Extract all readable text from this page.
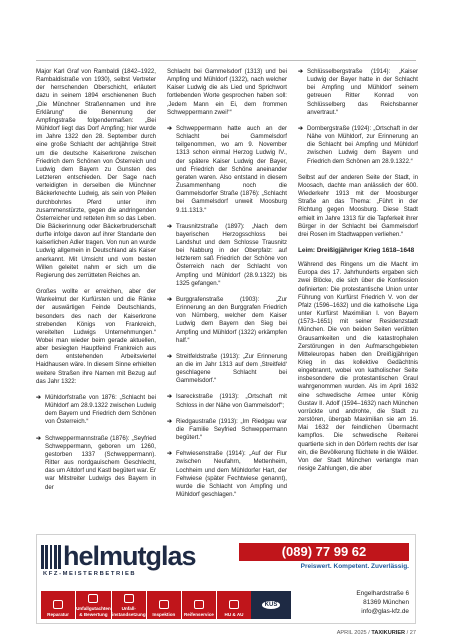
Major Karl Graf von Rambaldi (1842–1922, Rambaldistraße von 1930), selbst Vertreter der herrschenden Oberschicht, erläutert dazu in seinem 1894 erschienenen Buch „Die Münchner Straßennamen und ihre Erklärung“ die Benennung der Ampfingstraße folgendermaßen: „Bei Mühldorf liegt das Dorf Ampfing; hier wurde im Jahre 1322 den 28. September durch eine große Schlacht der achtjährige Streit um die deutsche Kaiserkrone zwischen Friedrich dem Schönen von Österreich und Ludwig dem Bayern zu Gunsten des Letzteren entschieden. Der Sage nach verteidigten in derselben die Münchner Bäckerknechte Ludwig, als sein von Pfeilen durchbohrtes Pferd unter ihm zusammenstürzte, gegen die andringenden Österreicher und retteten ihm so das Leben. Die Bäckerinnung oder Bäckerbruderschaft durfte infolge davon auf ihrer Standarte den kaiserlichen Adler tragen. Von nun an wurde Ludwig allgemein in Deutschland als Kaiser anerkannt. Mit Umsicht und vom besten Willen geleitet nahm er sich um die Regierung des zerrütteten Reiches an.

Großes wollte er erreichen, aber der Wankelmut der Kurfürsten und die Ränke der auswärtigen Feinde Deutschlands, besonders des nach der Kaiserkrone strebenden Königs von Frankreich, vereitelten Ludwigs Unternehmungen.“ Wobei man wieder beim gerade aktuellen, aber besiegten Hauptfeind Frankreich aus dem entstehenden Arbeitsviertel Haidhausen wäre. In diesem Sinne erhielten weitere Straßen ihre Namen mit Bezug auf das Jahr 1322:

➔ Mühldorfstraße von 1876: „Schlacht bei Mühldorf am 28.9.1322 zwischen Ludwig dem Bayern und Friedrich dem Schönen von Österreich.“
➔ Schweppermannstraße (1876): „Seyfried Schweppermann, geboren um 1260, gestorben 1337 (Schweppermann). Ritter aus nordgauischem Geschlecht, das um Altdorf und Kastl begütert war. Er war Mitstreiter Ludwigs des Bayern in der

Schlacht bei Gammelsdorf (1313) und bei Ampfing und Mühldorf (1322), nach welcher Kaiser Ludwig die als Lied und Sprichwort fortlebenden Worte gesprochen haben soll: ‚Jedem Mann ein Ei, dem frommen Schweppermann zwei!‘“

➔ Schweppermann hatte auch an der Schlacht bei Gammelsdorf teilgenommen, wo am 9. November 1313 schon einmal Herzog Ludwig IV., der spätere Kaiser Ludwig der Bayer, und Friedrich der Schöne aneinander geraten waren. Also entstand in diesem Zusammenhang noch die Gammelsdorfer Straße (1876): „Schlacht bei Gammelsdorf unweit Moosburg 9.11.1313.“
➔ Trausnitzstraße (1897): „Nach dem bayerischen Herzogsschloss bei Landshut und dem Schlosse Trausnitz bei Nabburg in der Oberpfalz: auf letzterem saß Friedrich der Schöne von Österreich nach der Schlacht von Ampfing und Mühldorf (28.9.1322) bis 1325 gefangen.“
➔ Burggrafenstraße (1903): „Zur Erinnerung an den Burggrafen Friedrich von Nürnberg, welcher dem Kaiser Ludwig dem Bayern den Sieg bei Ampfing und Mühldorf (1322) erkämpfen half.“
➔ Streitfeldstraße (1913): „Zur Erinnerung an die im Jahr 1313 auf dem ‚Streitfeld‘ geschlagene Schlacht bei Gammelsdorf.“
➔ Isareckstraße (1913): „Ortschaft mit Schloss in der Nähe von Gammelsdorf“;
➔ Riedgaustraße (1913): „Im Riedgau war die Familie Seyfried Schweppermann begütert.“
➔ Fehwiesenstraße (1914): „Auf der Flur zwischen Neufahrn, Mettenheim, Lochheim und dem Mühldorfer Hart, der Fehwiese (später Fechtwiese genannt), wurde die Schlacht von Ampfing und Mühldorf geschlagen.“
➔ Schlüsselbergstraße (1914): „Kaiser Ludwig der Bayer hatte in der Schlacht bei Ampfing und Mühldorf seinem getreuen Ritter Konrad von Schlüsselberg das Reichsbanner anvertraut.“
➔ Dornbergstraße (1924): „Ortschaft in der Nähe von Mühldorf, zur Erinnerung an die Schlacht bei Ampfing und Mühldorf zwischen Ludwig dem Bayern und Friedrich dem Schönen am 28.9.1322.“

Selbst auf der anderen Seite der Stadt, in Moosach, dachte man anlässlich der 600. Wiederkehr 1913 mit der Moosburger Straße an das Thema: „Führt in der Richtung gegen Moosburg. Diese Stadt erhielt im Jahre 1313 für die Tapferkeit ihrer Bürger in der Schlacht bei Gammelsdorf drei Rosen im Stadtwappen verliehen.“

Leim: Dreißigjähriger Krieg 1618–1648

Während des Ringens um die Macht im Europa des 17. Jahrhunderts ergaben sich zwei Blöcke, die sich über die Konfession definierten: Die protestantische Union unter Führung von Kurfürst Friedrich V. von der Pfalz (1596–1632) und die katholische Liga unter Kurfürst Maximilian I. von Bayern (1573–1651) mit seiner Residenzstadt München. Die von beiden Seiten verübten Grausamkeiten und die katastrophalen Zerstörungen in den Aufmarschgebieten Mitteleuropas haben den Dreißigjährigen Krieg in das kollektive Gedächtnis eingebrannt, wobei von katholischer Seite insbesondere die protestantischen Graul wahrgenommen wurden. Als im April 1632 eine schwedische Armee unter König Gustav II. Adolf (1594–1632) nach München vorrückte und androhte, die Stadt zu zerstören, übergab Maximilian sie am 16. Mai 1632 der feindlichen Übermacht kampflos. Die schwedische Reiterei quartierte sich in den Dörfern rechts der Isar ein, die Bevölkerung flüchtete in die Wälder. Von der Stadt München verlangte man riesige Zahlungen, die aber

helmutglas
KFZ-MEISTERBETRIEB
(089) 77 99 62
Preiswert. Kompetent. Zuverlässig.
Reparatur
Unfallgutachten & Bewertung
Unfall-instandsetzung Inspektion Reifenservice HU & AU
KÜS
Engelhardstraße 6
81369 München
info@glas-kfz.de
APRIL 2025 / TAXIKURIER / 27
